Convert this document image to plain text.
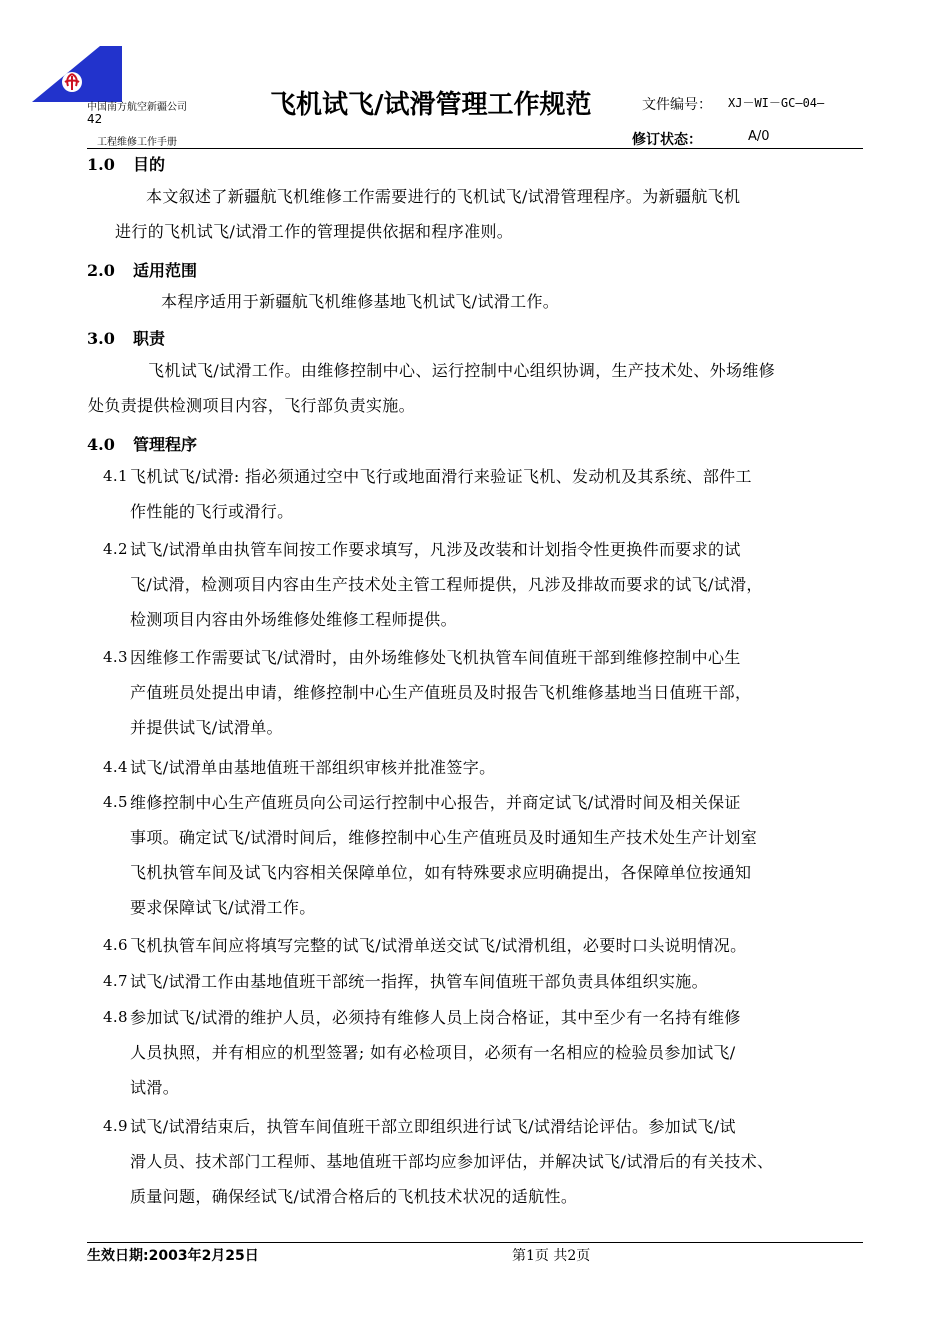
中国南方航空新疆公司
42
工程维修工作手册
飞机试飞/试滑管理工作规范	文件编号： XJ－WI－GC—04—
修订状态：	A/0
1.0 目的
本文叙述了新疆航飞机维修工作需要进行的飞机试飞/试滑管理程序。为新疆航飞机
进行的飞机试飞/试滑工作的管理提供依据和程序准则。
2.0 适用范围
本程序适用于新疆航飞机维修基地飞机试飞/试滑工作。
3.0 职责
飞机试飞/试滑工作。由维修控制中心、运行控制中心组织协调，生产技术处、外场维修
处负责提供检测项目内容，飞行部负责实施。
4.0 管理程序
4.1 飞机试飞/试滑: 指必须通过空中飞行或地面滑行来验证飞机、发动机及其系统、部件工
作性能的飞行或滑行。
4.2 试飞/试滑单由执管车间按工作要求填写，凡涉及改装和计划指令性更换件而要求的试
飞/试滑，检测项目内容由生产技术处主管工程师提供，凡涉及排故而要求的试飞/试滑，
检测项目内容由外场维修处维修工程师提供。
4.3 因维修工作需要试飞/试滑时，由外场维修处飞机执管车间值班干部到维修控制中心生
产值班员处提出申请，维修控制中心生产值班员及时报告飞机维修基地当日值班干部，
并提供试飞/试滑单。
4.4 试飞/试滑单由基地值班干部组织审核并批准签字。
4.5 维修控制中心生产值班员向公司运行控制中心报告，并商定试飞/试滑时间及相关保证
事项。确定试飞/试滑时间后，维修控制中心生产值班员及时通知生产技术处生产计划室
飞机执管车间及试飞内容相关保障单位，如有特殊要求应明确提出，各保障单位按通知
要求保障试飞/试滑工作。
4.6 飞机执管车间应将填写完整的试飞/试滑单送交试飞/试滑机组，必要时口头说明情况。
4.7 试飞/试滑工作由基地值班干部统一指挥，执管车间值班干部负责具体组织实施。
4.8 参加试飞/试滑的维护人员，必须持有维修人员上岗合格证，其中至少有一名持有维修
人员执照，并有相应的机型签署; 如有必检项目，必须有一名相应的检验员参加试飞/
试滑。
4.9 试飞/试滑结束后，执管车间值班干部立即组织进行试飞/试滑结论评估。参加试飞/试
滑人员、技术部门工程师、基地值班干部均应参加评估，并解决试飞/试滑后的有关技术、
质量问题，确保经试飞/试滑合格后的飞机技术状况的适航性。
生效日期:2003年2月25日	第1页 共2页
